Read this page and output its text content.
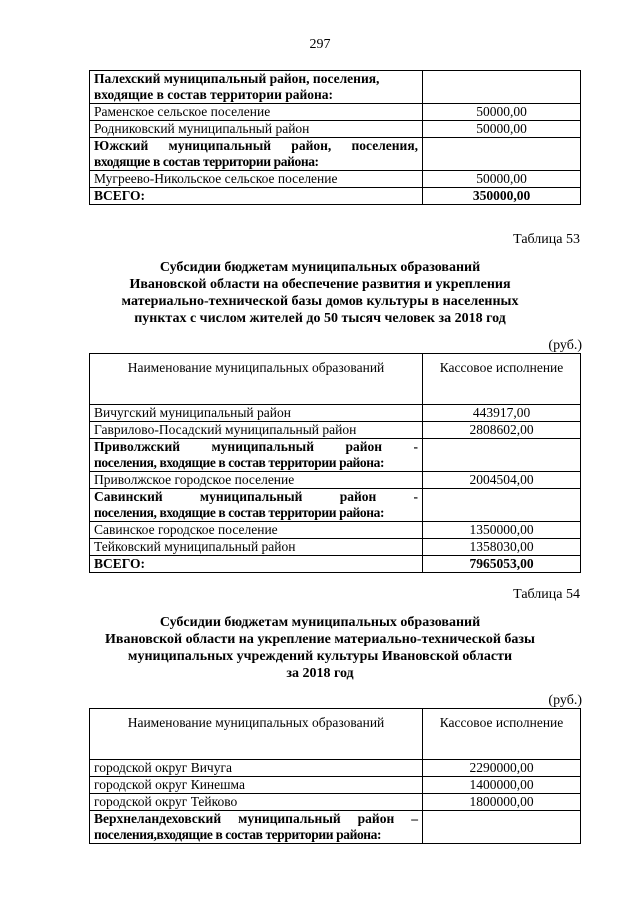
297
Палехский муниципальный район, поселения,
входящие в состав территории района:	
Раменское сельское поселение	50000,00
Родниковский муниципальный район	50000,00
Южский муниципальный район, поселения,
входящие в состав территории района:	

Мугреево-Никольское сельское поселение	50000,00
ВСЕГО:	350000,00
Таблица 53
Субсидии бюджетам муниципальных образований
Ивановской области на обеспечение развития и укрепления
материально-технической базы домов культуры в населенных
пунктах с числом жителей до 50 тысяч человек за 2018 год
(руб.)
Наименование муниципальных образований	Кассовое исполнение
Вичугский муниципальный район	443917,00
Гаврилово-Посадский муниципальный район	2808602,00
Приволжский муниципальный район -
поселения, входящие в состав территории района:	

Приволжское городское поселение	2004504,00
Савинский муниципальный район -
поселения, входящие в состав территории района:	

Савинское городское поселение	1350000,00
Тейковский муниципальный район	1358030,00
ВСЕГО:	7965053,00
Таблица 54
Субсидии бюджетам муниципальных образований
Ивановской области на укрепление материально-технической базы
муниципальных учреждений культуры Ивановской области
за 2018 год
(руб.)
Наименование муниципальных образований	Кассовое исполнение
городской округ Вичуга	2290000,00
городской округ Кинешма	1400000,00
городской округ Тейково	1800000,00
Верхнеландеховский муниципальный район –
поселения,входящие в состав территории района:	
